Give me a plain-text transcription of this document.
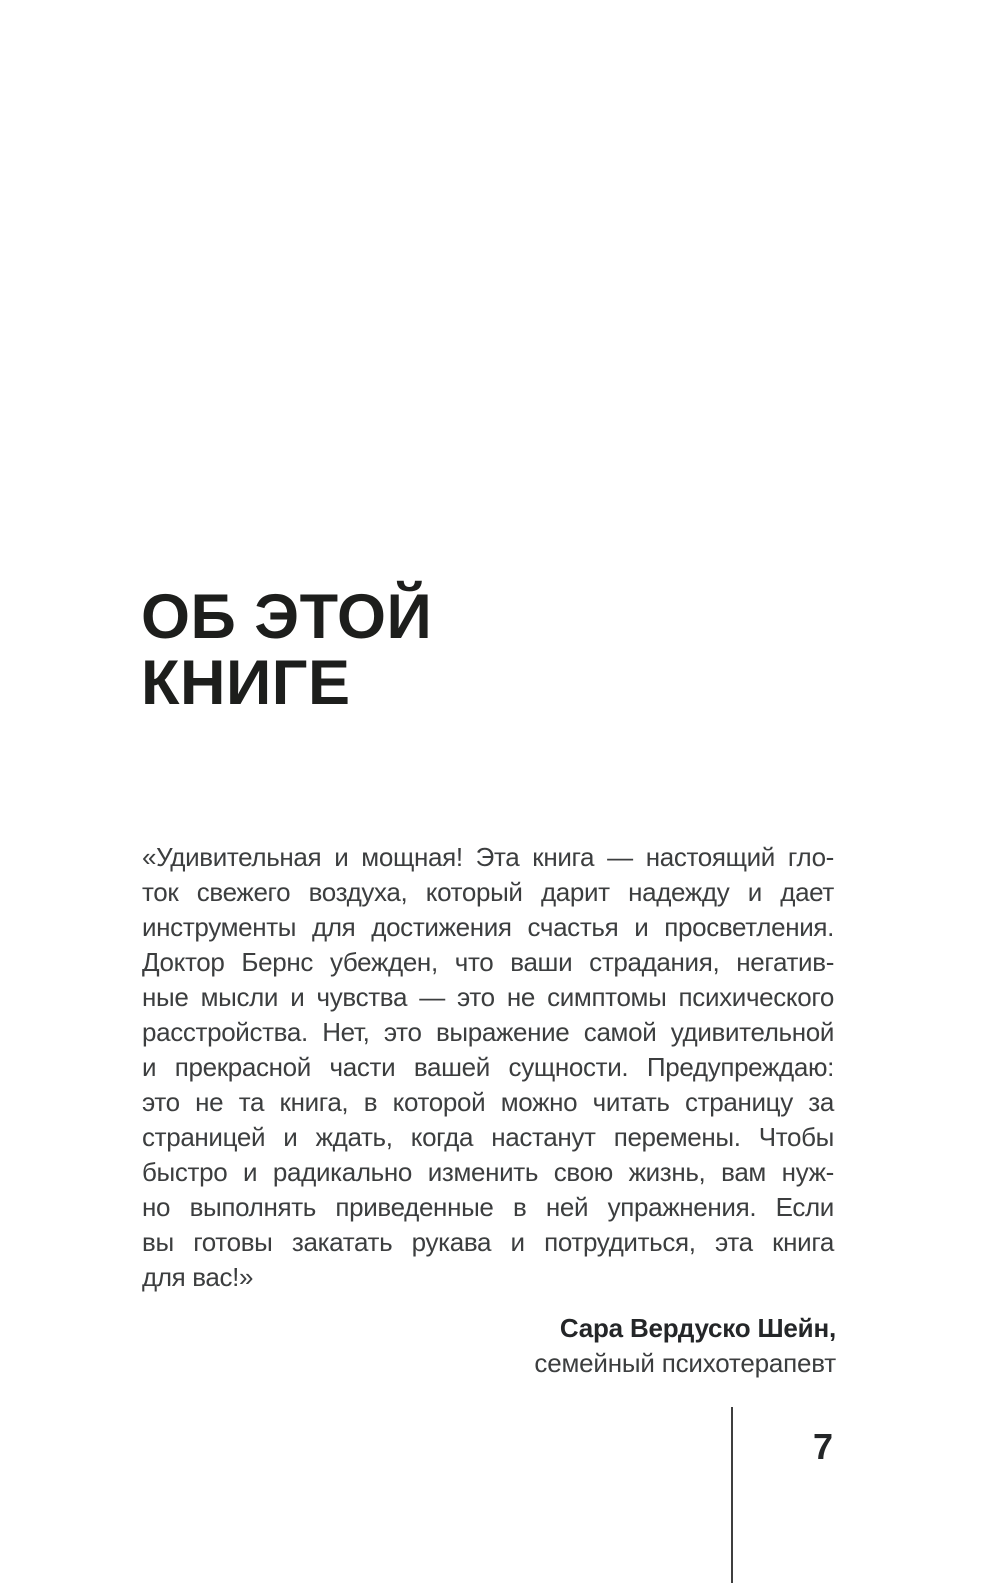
ОБ ЭТОЙ
КНИГЕ
«Удивительная и мощная! Эта книга — настоящий гло-
ток свежего воздуха, который дарит надежду и дает
инструменты для достижения счастья и просветления.
Доктор Бернс убежден, что ваши страдания, негатив-
ные мысли и чувства — это не симптомы психического
расстройства. Нет, это выражение самой удивительной
и прекрасной части вашей сущности. Предупреждаю:
это не та книга, в которой можно читать страницу за
страницей и ждать, когда настанут перемены. Чтобы
быстро и радикально изменить свою жизнь, вам нуж-
но выполнять приведенные в ней упражнения. Если
вы готовы закатать рукава и потрудиться, эта книга
для вас!»
Сара Вердуско Шейн,
семейный психотерапевт
7
